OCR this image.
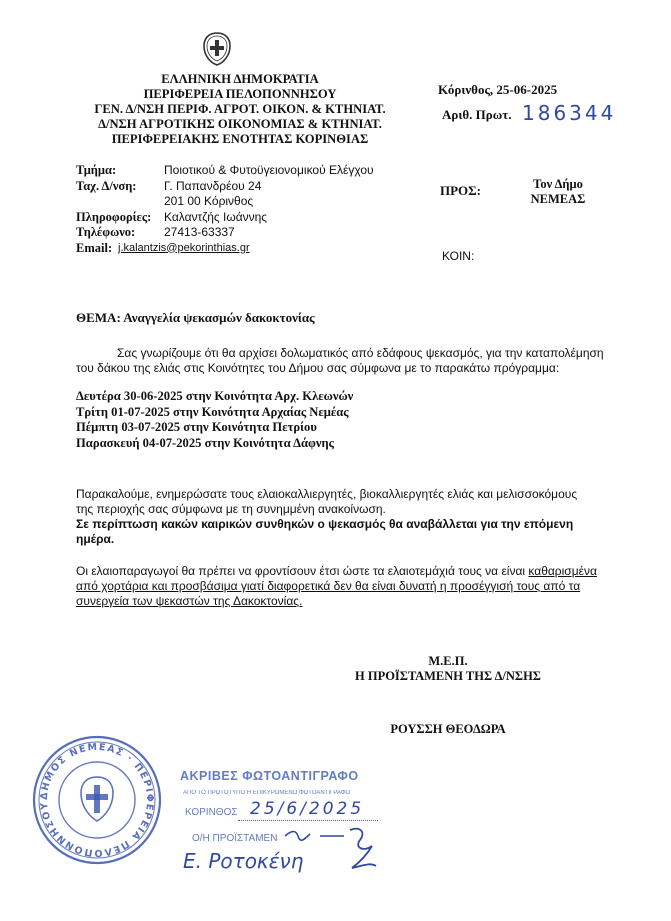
ΕΛΛΗΝΙΚΗ ΔΗΜΟΚΡΑΤΙΑ
ΠΕΡΙΦΕΡΕΙΑ ΠΕΛΟΠΟΝΝΗΣΟΥ
ΓΕΝ. Δ/ΝΣΗ ΠΕΡΙΦ. ΑΓΡΟΤ. ΟΙΚΟΝ. & ΚΤΗΝΙΑΤ.
Δ/ΝΣΗ ΑΓΡΟΤΙΚΗΣ ΟΙΚΟΝΟΜΙΑΣ & ΚΤΗΝΙΑΤ.
ΠΕΡΙΦΕΡΕΙΑΚΗΣ ΕΝΟΤΗΤΑΣ ΚΟΡΙΝΘΙΑΣ
Κόρινθος, 25-06-2025
Αριθ. Πρωτ. 186344
Τμήμα:	Ποιοτικού & Φυτοϋγειονομικού Ελέγχου
Ταχ. Δ/νση: Γ. Παπανδρέου 24
201 00 Κόρινθος
Πληροφορίες: Καλαντζής Ιωάννης
Τηλέφωνο: 27413-63337
Email: j.kalantzis@pekorinthias.gr
ΠΡΟΣ:	Τον Δήμο
ΝΕΜΕΑΣ
ΚΟΙΝ:
ΘΕΜΑ: Αναγγελία ψεκασμών δακοκτονίας
Σας γνωρίζουμε ότι θα αρχίσει δολωματικός από εδάφους ψεκασμός, για την καταπολέμηση
του δάκου της ελιάς στις Κοινότητες του Δήμου σας σύμφωνα με το παρακάτω πρόγραμμα:
Δευτέρα 30-06-2025 στην Κοινότητα Αρχ. Κλεωνών
Τρίτη 01-07-2025 στην Κοινότητα Αρχαίας Νεμέας
Πέμπτη 03-07-2025 στην Κοινότητα Πετρίου
Παρασκευή 04-07-2025 στην Κοινότητα Δάφνης
Παρακαλούμε, ενημερώσατε τους ελαιοκαλλιεργητές, βιοκαλλιεργητές ελιάς και μελισσοκόμους
της περιοχής σας σύμφωνα με τη συνημμένη ανακοίνωση.
Σε περίπτωση κακών καιρικών συνθηκών ο ψεκασμός θα αναβάλλεται για την επόμενη
ημέρα.
Οι ελαιοπαραγωγοί θα πρέπει να φροντίσουν έτσι ώστε τα ελαιοτεμάχιά τους να είναι καθαρισμένα
από χορτάρια και προσβάσιμα γιατί διαφορετικά δεν θα είναι δυνατή η προσέγγισή τους από τα
συνεργεία των ψεκαστών της Δακοκτονίας.
Μ.Ε.Π.
Η ΠΡΟΪΣΤΑΜΕΝΗ ΤΗΣ Δ/ΝΣΗΣ
ΡΟΥΣΣΗ ΘΕΟΔΩΡΑ
ΔΗΜΟΣ ΝΕΜΕΑΣ · ΠΕΡΙΦΕΡΕΙΑ ΠΕΛΟΠΟΝΝΗΣΟΥ
ΑΚΡΙΒΕΣ ΦΩΤΟΑΝΤΙΓΡΑΦΟ
ΑΠΟ ΤΟ ΠΡΩΤΟΤΥΠΟ Η ΕΠΙΚΥΡΩΜΕΝΟ ΦΩΤΟΑΝΤΙΓΡΑΦΟ
ΚΟΡΙΝΘΟΣ 25/6/2025
Ο/Η ΠΡΟΪΣΤΑΜΕΝ
Ε. Ροτοκένη
